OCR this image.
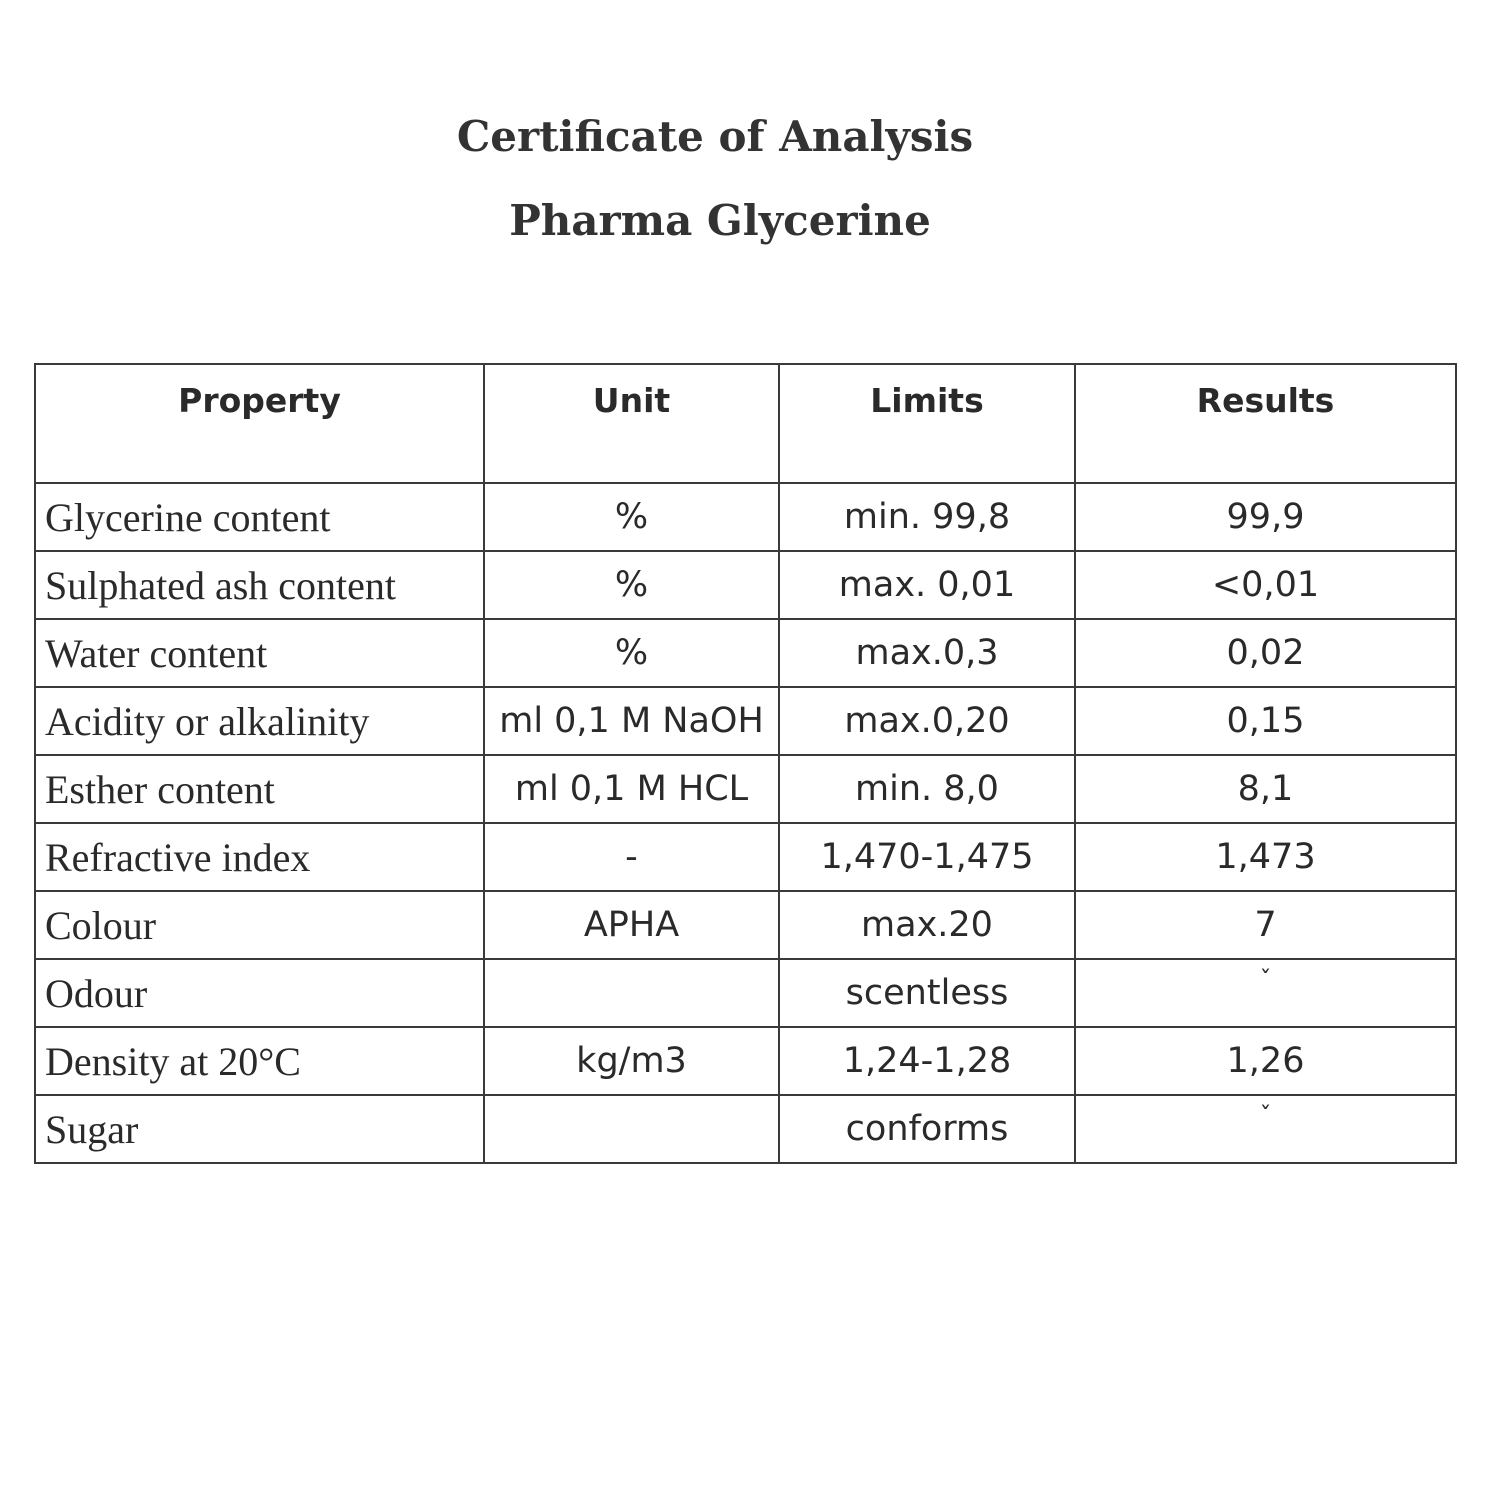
Certificate of Analysis
Pharma Glycerine
Property	Unit	Limits	Results
Glycerine content	%	min. 99,8	99,9
Sulphated ash content	%	max. 0,01	<0,01
Water content	%	max.0,3	0,02
Acidity or alkalinity	ml 0,1 M NaOH	max.0,20	0,15
Esther content	ml 0,1 M HCL	min. 8,0	8,1
Refractive index	-	1,470-1,475	1,473
Colour	APHA	max.20	7
Odour		scentless	ˇ
Density at 20°C	kg/m3	1,24-1,28	1,26
Sugar		conforms	ˇ
